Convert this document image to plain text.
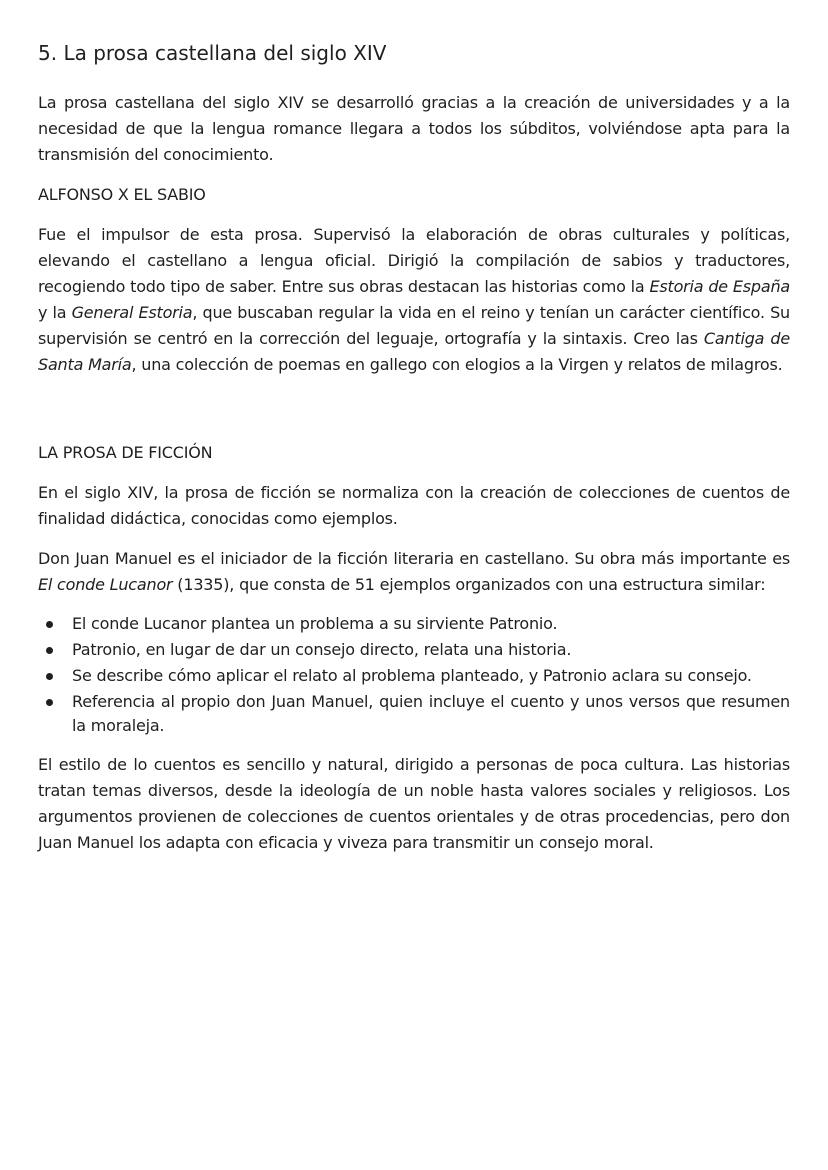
5. La prosa castellana del siglo XIV

La prosa castellana del siglo XIV se desarrolló gracias a la creación de universidades y a la necesidad de que la lengua romance llegara a todos los súbditos, volviéndose apta para la transmisión del conocimiento.

ALFONSO X EL SABIO

Fue el impulsor de esta prosa. Supervisó la elaboración de obras culturales y políticas, elevando el castellano a lengua oficial. Dirigió la compilación de sabios y traductores, recogiendo todo tipo de saber. Entre sus obras destacan las historias como la Estoria de España y la General Estoria, que buscaban regular la vida en el reino y tenían un carácter científico. Su supervisión se centró en la corrección del leguaje, ortografía y la sintaxis. Creo las Cantiga de Santa María, una colección de poemas en gallego con elogios a la Virgen y relatos de milagros.

LA PROSA DE FICCIÓN

En el siglo XIV, la prosa de ficción se normaliza con la creación de colecciones de cuentos de finalidad didáctica, conocidas como ejemplos.

Don Juan Manuel es el iniciador de la ficción literaria en castellano. Su obra más importante es  El conde Lucanor (1335), que consta de 51 ejemplos organizados con una estructura similar:

El conde Lucanor plantea un problema a su sirviente Patronio.
Patronio, en lugar de dar un consejo directo, relata una historia.
Se describe cómo aplicar el relato al problema planteado, y Patronio aclara su consejo.
Referencia al propio don Juan Manuel, quien incluye el cuento y unos versos que resumen la moraleja.

El estilo de lo cuentos es sencillo y natural, dirigido a personas de poca cultura. Las historias tratan temas diversos, desde la ideología de un noble hasta valores sociales y religiosos. Los argumentos provienen de colecciones de cuentos orientales y de otras procedencias, pero don Juan Manuel los adapta con eficacia y viveza para transmitir un consejo moral.
